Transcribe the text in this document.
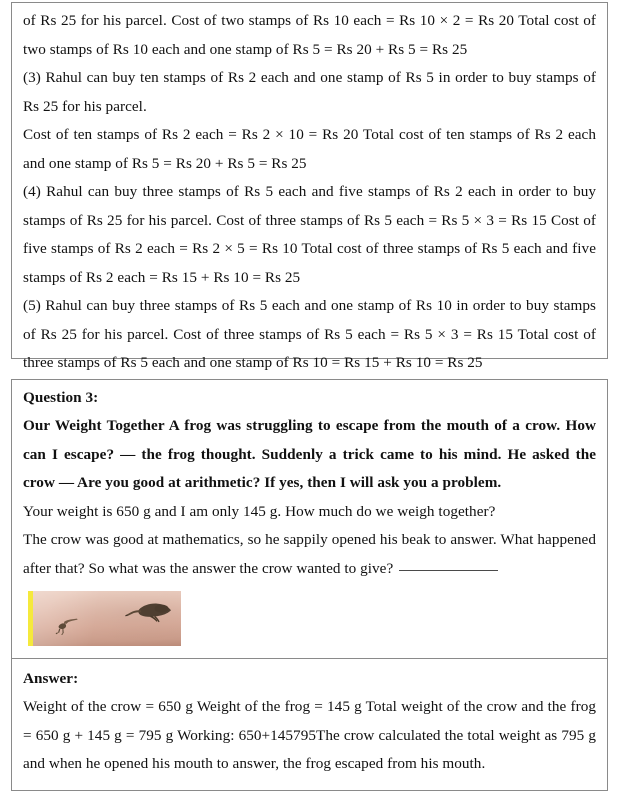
of Rs 25 for his parcel. Cost of two stamps of Rs 10 each = Rs 10 × 2 = Rs 20 Total cost of two stamps of Rs 10 each and one stamp of Rs 5 = Rs 20 + Rs 5 = Rs 25

(3) Rahul can buy ten stamps of Rs 2 each and one stamp of Rs 5 in order to buy stamps of Rs 25 for his parcel.

Cost of ten stamps of Rs 2 each = Rs 2 × 10 = Rs 20 Total cost of ten stamps of Rs 2 each and one stamp of Rs 5 = Rs 20 + Rs 5 = Rs 25

(4) Rahul can buy three stamps of Rs 5 each and five stamps of Rs 2 each in order to buy stamps of Rs 25 for his parcel. Cost of three stamps of Rs 5 each = Rs 5 × 3 = Rs 15 Cost of five stamps of Rs 2 each = Rs 2 × 5 = Rs 10 Total cost of three stamps of Rs 5 each and five stamps of Rs 2 each = Rs 15 + Rs 10 = Rs 25

(5) Rahul can buy three stamps of Rs 5 each and one stamp of Rs 10 in order to buy stamps of Rs 25 for his parcel. Cost of three stamps of Rs 5 each = Rs 5 × 3 = Rs 15 Total cost of three stamps of Rs 5 each and one stamp of Rs 10 = Rs 15 + Rs 10 = Rs 25

Question 3:

Our Weight Together A frog was struggling to escape from the mouth of a crow. How can I escape? — the frog thought. Suddenly a trick came to his mind. He asked the crow — Are you good at arithmetic? If yes, then I will ask you a problem.

Your weight is 650 g and I am only 145 g. How much do we weigh together?

The crow was good at mathematics, so he sappily opened his beak to answer. What happened after that? So what was the answer the crow wanted to give?

Answer:

Weight of the crow = 650 g Weight of the frog = 145 g Total weight of the crow and the frog = 650 g + 145 g = 795 g Working: 650+145795The crow calculated the total weight as 795 g and when he opened his mouth to answer, the frog escaped from his mouth.
